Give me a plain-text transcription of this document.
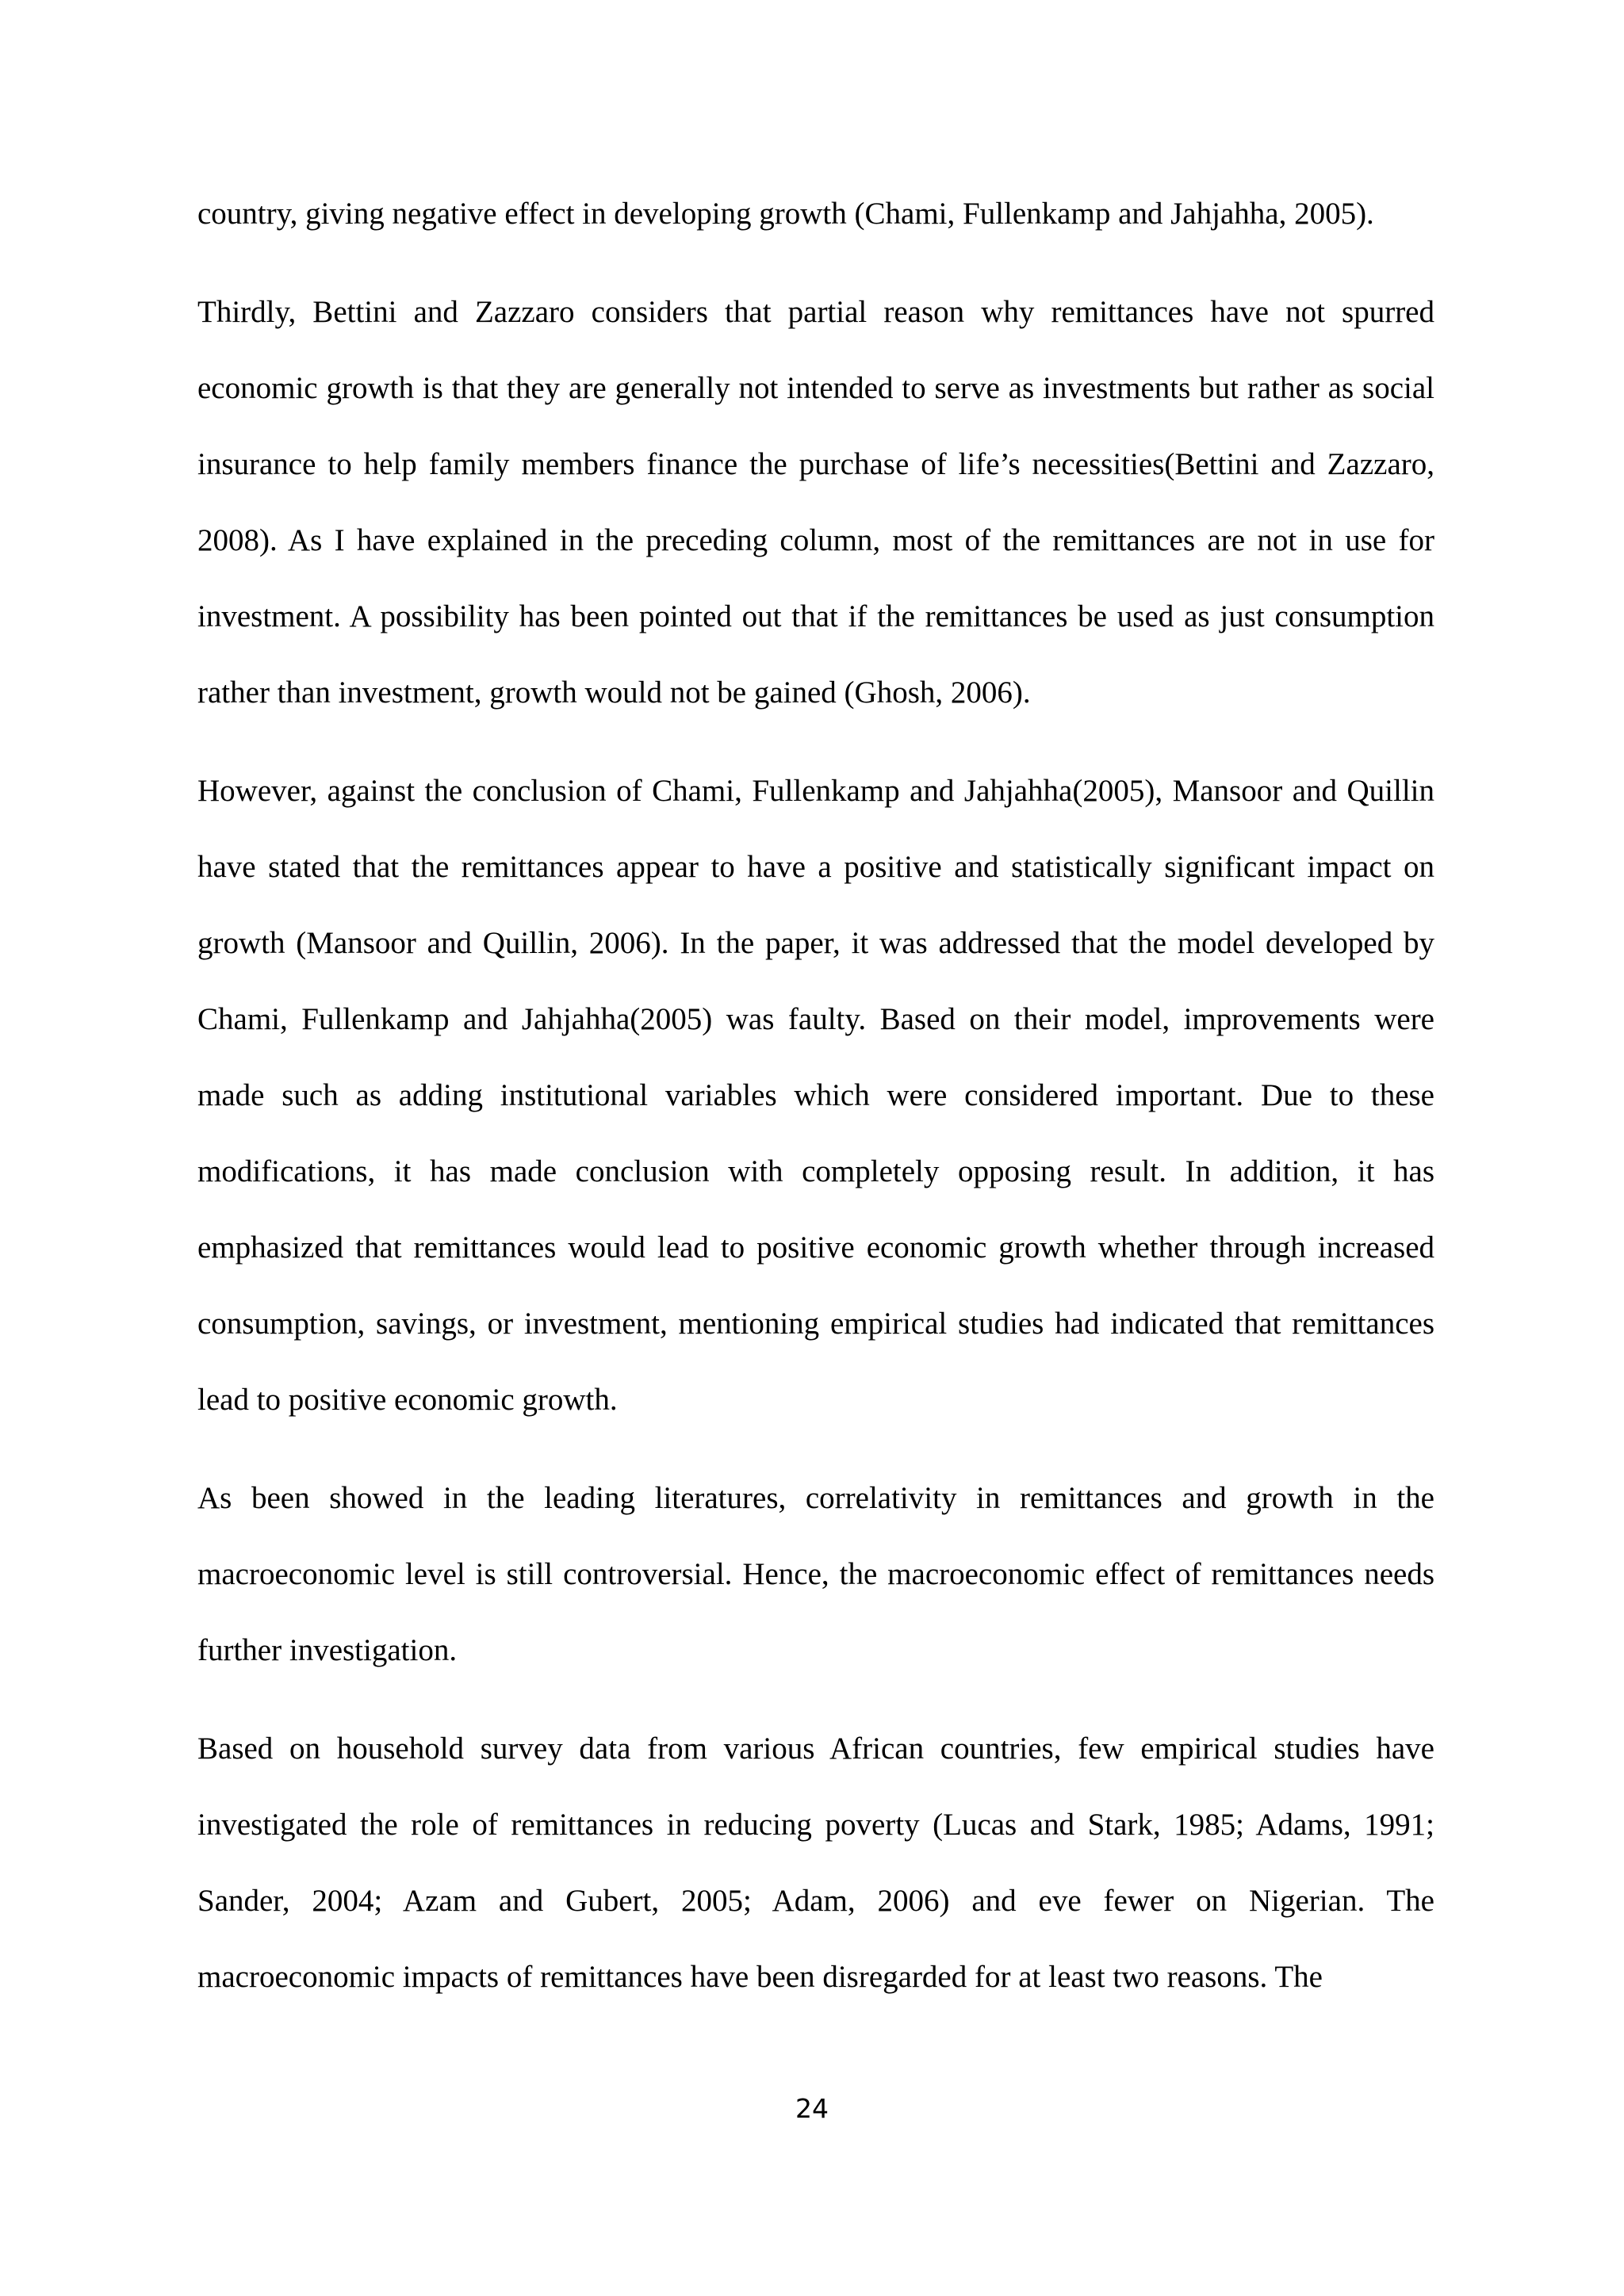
country, giving negative effect in developing growth (Chami, Fullenkamp and Jahjahha, 2005).

Thirdly, Bettini and Zazzaro considers that partial reason why remittances have not spurred economic growth is that they are generally not intended to serve as investments but rather as social insurance to help family members finance the purchase of life’s necessities(Bettini and Zazzaro, 2008). As I have explained in the preceding column, most of the remittances are not in use for investment. A possibility has been pointed out that if the remittances be used as just consumption rather than investment, growth would not be gained (Ghosh, 2006).

However, against the conclusion of Chami, Fullenkamp and Jahjahha(2005), Mansoor and Quillin have stated that the remittances appear to have a positive and statistically significant impact on growth (Mansoor and Quillin, 2006). In the paper, it was addressed that the model developed by Chami, Fullenkamp and Jahjahha(2005) was faulty. Based on their model, improvements were made such as adding institutional variables which were considered important. Due to these modifications, it has made conclusion with completely opposing result. In addition, it has emphasized that remittances would lead to positive economic growth whether through increased consumption, savings, or investment, mentioning empirical studies had indicated that remittances lead to positive economic growth.

As been showed in the leading literatures, correlativity in remittances and growth in the macroeconomic level is still controversial. Hence, the macroeconomic effect of remittances needs further investigation.

Based on household survey data from various African countries, few empirical studies have investigated the role of remittances in reducing poverty (Lucas and Stark, 1985; Adams, 1991; Sander, 2004; Azam and Gubert, 2005; Adam, 2006) and eve fewer on Nigerian. The macroeconomic impacts of remittances have been disregarded for at least two reasons. The

24
